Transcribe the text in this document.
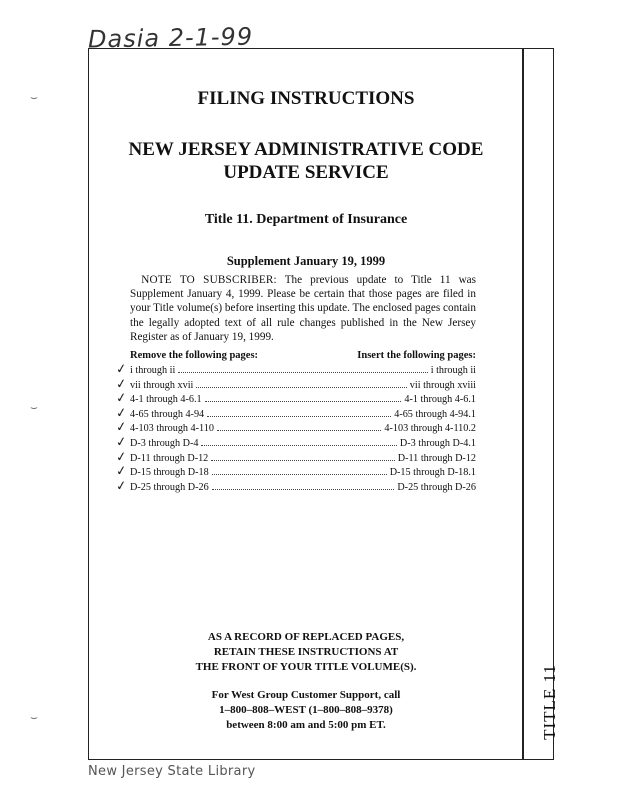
Dasia 2-1-99
TITLE 11
⌣
⌣
⌣
FILING INSTRUCTIONS
NEW JERSEY ADMINISTRATIVE CODE
UPDATE SERVICE
Title 11. Department of Insurance
Supplement January 19, 1999
 NOTE TO SUBSCRIBER: The previous update to Title 11 was Supplement January 4, 1999. Please be certain that those pages are filed in your Title volume(s) before inserting this update. The enclosed pages contain the legally adopted text of all rule changes published in the New Jersey Register as of January 19, 1999.
Remove the following pages:	Insert the following pages:
✓ i through ii	i through ii
✓ vii through xvii	vii through xviii
✓ 4-1 through 4-6.1	4-1 through 4-6.1
✓ 4-65 through 4-94	4-65 through 4-94.1
✓ 4-103 through 4-110	4-103 through 4-110.2
✓ D-3 through D-4	D-3 through D-4.1
✓ D-11 through D-12	D-11 through D-12
✓ D-15 through D-18	D-15 through D-18.1
✓ D-25 through D-26	D-25 through D-26
AS A RECORD OF REPLACED PAGES,
RETAIN THESE INSTRUCTIONS AT
THE FRONT OF YOUR TITLE VOLUME(S).
For West Group Customer Support, call
1–800–808–WEST (1–800–808–9378)
between 8:00 am and 5:00 pm ET.
New Jersey State Library
